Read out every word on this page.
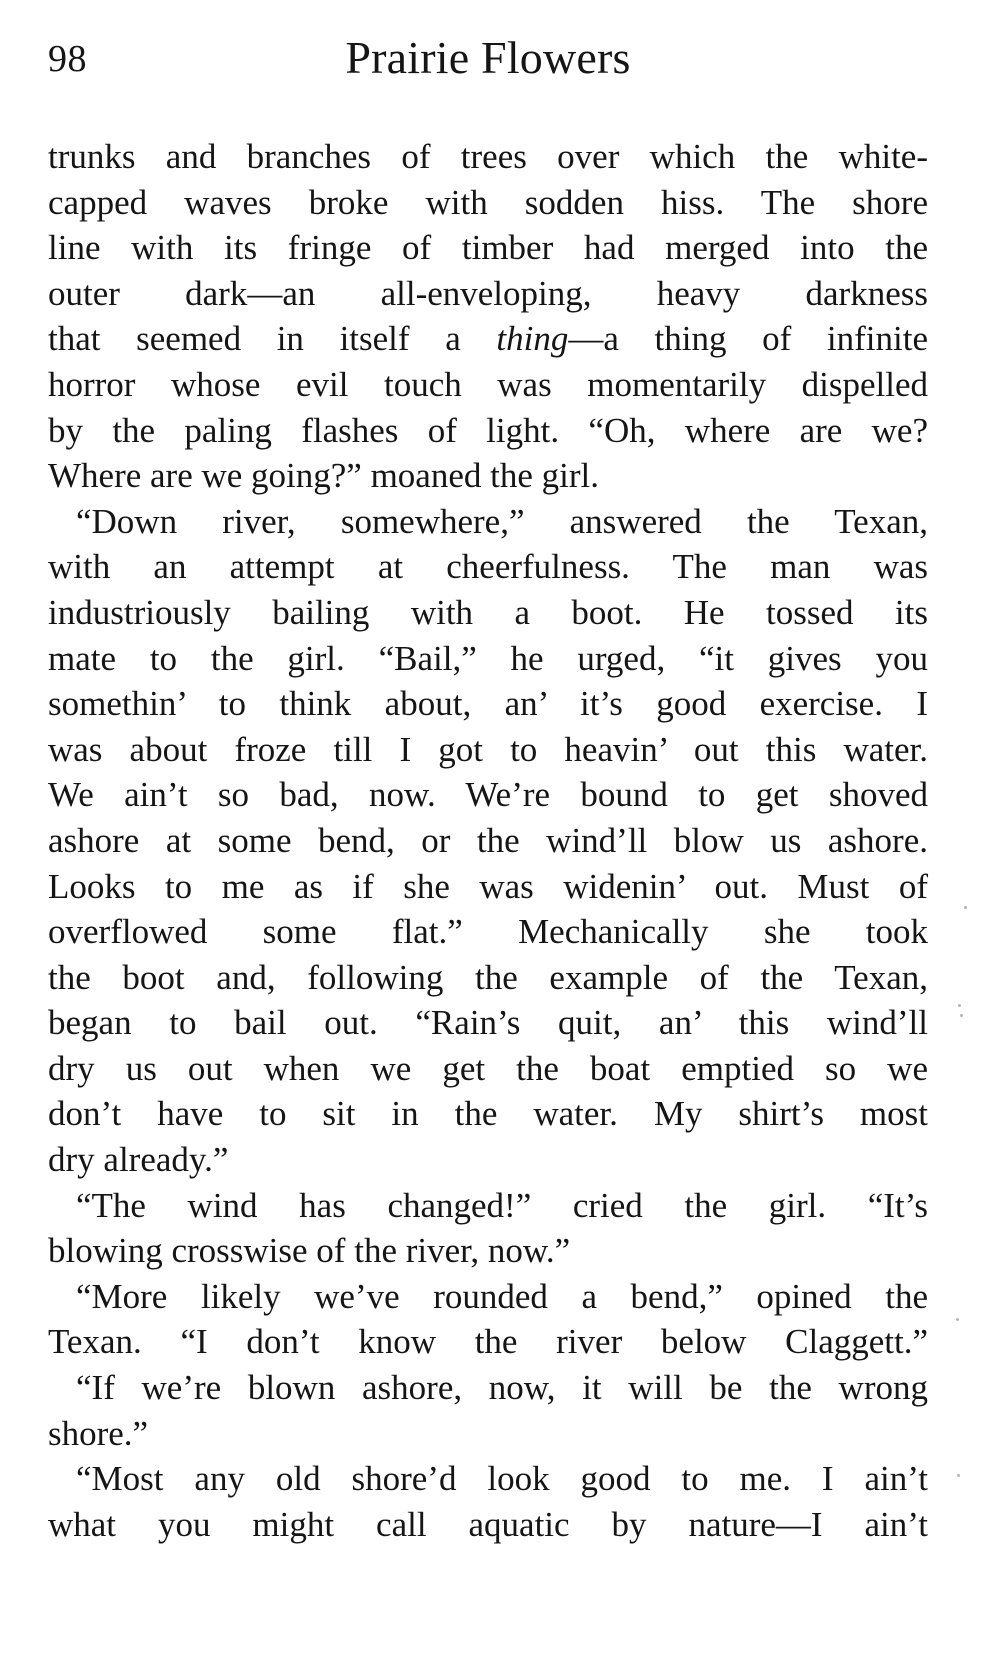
98	Prairie Flowers
trunks and branches of trees over which the white-
capped waves broke with sodden hiss. The shore
line with its fringe of timber had merged into the
outer dark—an all-enveloping, heavy darkness
that seemed in itself a thing—a thing of infinite
horror whose evil touch was momentarily dispelled
by the paling flashes of light. “Oh, where are we?
Where are we going?” moaned the girl.
“Down river, somewhere,” answered the Texan,
with an attempt at cheerfulness. The man was
industriously bailing with a boot. He tossed its
mate to the girl. “Bail,” he urged, “it gives you
somethin’ to think about, an’ it’s good exercise. I
was about froze till I got to heavin’ out this water.
We ain’t so bad, now. We’re bound to get shoved
ashore at some bend, or the wind’ll blow us ashore.
Looks to me as if she was widenin’ out. Must of
overflowed some flat.” Mechanically she took
the boot and, following the example of the Texan,
began to bail out. “Rain’s quit, an’ this wind’ll
dry us out when we get the boat emptied so we
don’t have to sit in the water. My shirt’s most
dry already.”
“The wind has changed!” cried the girl. “It’s
blowing crosswise of the river, now.”
“More likely we’ve rounded a bend,” opined the
Texan. “I don’t know the river below Claggett.”
“If we’re blown ashore, now, it will be the wrong
shore.”
“Most any old shore’d look good to me. I ain’t
what you might call aquatic by nature—I ain’t
